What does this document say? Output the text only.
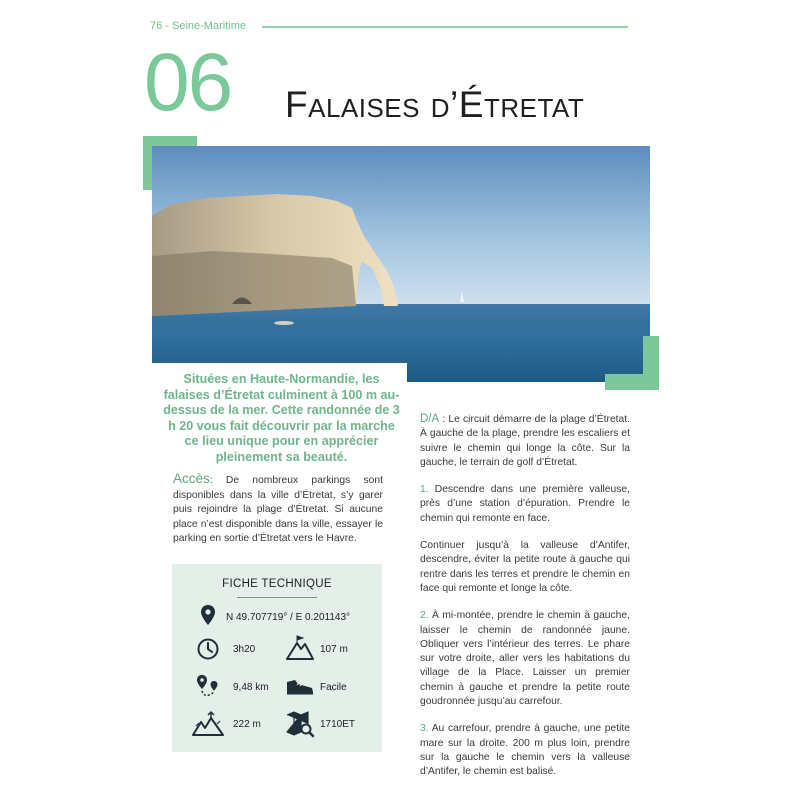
76 - Seine-Maritime
06 Falaises d’Étretat
Situées en Haute-Normandie, les falaises d’Étretat culminent à 100 m au-dessus de la mer. Cette randonnée de 3 h 20 vous fait découvrir par la marche ce lieu unique pour en apprécier pleinement sa beauté.
Accès: De nombreux parkings sont disponibles dans la ville d’Étretat, s’y garer puis rejoindre la plage d’Étretat. Si aucune place n’est disponible dans la ville, essayer le parking en sortie d’Étretat vers le Havre.
FICHE TECHNIQUE
N 49.707719° / E 0.201143°
3h20	107 m
9,48 km	Facile
222 m	1710ET

D/A : Le circuit démarre de la plage d’Étretat. À gauche de la plage, prendre les escaliers et suivre le chemin qui longe la côte. Sur la gauche, le terrain de golf d’Étretat.

1. Descendre dans une première valleuse, près d’une station d’épuration. Prendre le chemin qui remonte en face.

Continuer jusqu’à la valleuse d’Antifer, descendre, éviter la petite route à gauche qui rentre dans les terres et prendre le chemin en face qui remonte et longe la côte.

2. À mi-montée, prendre le chemin à gauche, laisser le chemin de randonnée jaune. Obliquer vers l’intérieur des terres. Le phare sur votre droite, aller vers les habitations du village de la Place. Laisser un premier chemin à gauche et prendre la petite route goudronnée jusqu’au carrefour.

3. Au carrefour, prendre à gauche, une petite mare sur la droite. 200 m plus loin, prendre sur la gauche le chemin vers la valleuse d’Antifer, le chemin est balisé.
